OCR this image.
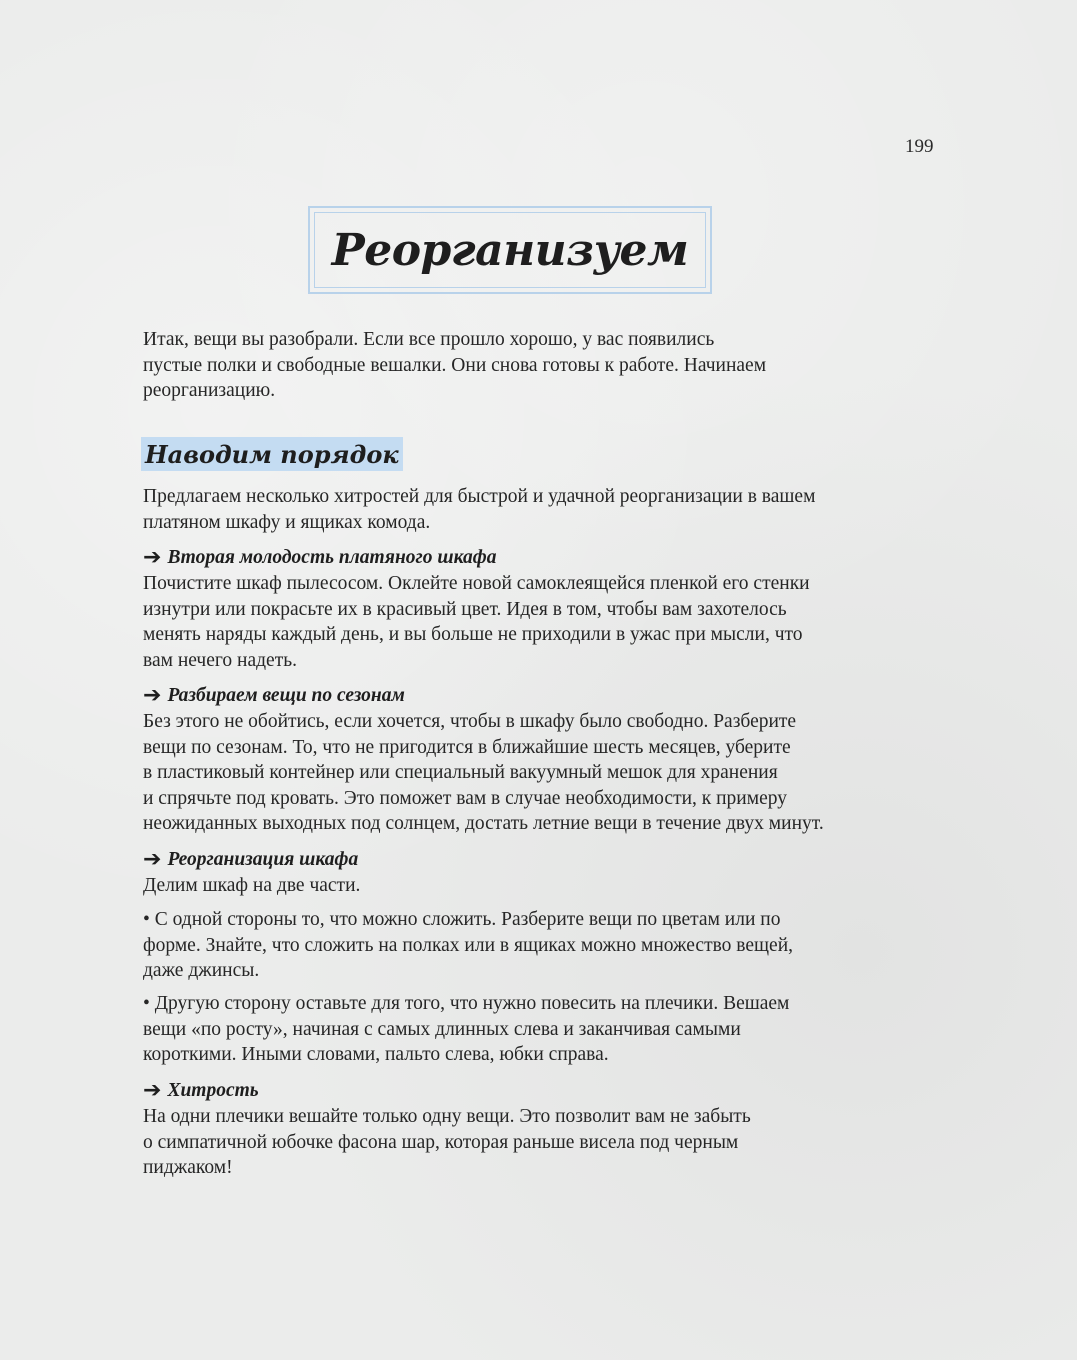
199
Реорганизуем

Итак, вещи вы разобрали. Если все прошло хорошо, у вас появились
пустые полки и свободные вешалки. Они снова готовы к работе. Начинаем
реорганизацию.

Наводим порядок

Предлагаем несколько хитростей для быстрой и удачной реорганизации в вашем
платяном шкафу и ящиках комода.

➔ Вторая молодость платяного шкафа

Почистите шкаф пылесосом. Оклейте новой самоклеящейся пленкой его стенки
изнутри или покрасьте их в красивый цвет. Идея в том, чтобы вам захотелось
менять наряды каждый день, и вы больше не приходили в ужас при мысли, что
вам нечего надеть.

➔ Разбираем вещи по сезонам

Без этого не обойтись, если хочется, чтобы в шкафу было свободно. Разберите
вещи по сезонам. То, что не пригодится в ближайшие шесть месяцев, уберите
в пластиковый контейнер или специальный вакуумный мешок для хранения
и спрячьте под кровать. Это поможет вам в случае необходимости, к примеру
неожиданных выходных под солнцем, достать летние вещи в течение двух минут.

➔ Реорганизация шкафа

Делим шкаф на две части.

• С одной стороны то, что можно сложить. Разберите вещи по цветам или по
форме. Знайте, что сложить на полках или в ящиках можно множество вещей,
даже джинсы.

• Другую сторону оставьте для того, что нужно повесить на плечики. Вешаем
вещи «по росту», начиная с самых длинных слева и заканчивая самыми
короткими. Иными словами, пальто слева, юбки справа.

➔ Хитрость

На одни плечики вешайте только одну вещи. Это позволит вам не забыть
о симпатичной юбочке фасона шар, которая раньше висела под черным
пиджаком!
